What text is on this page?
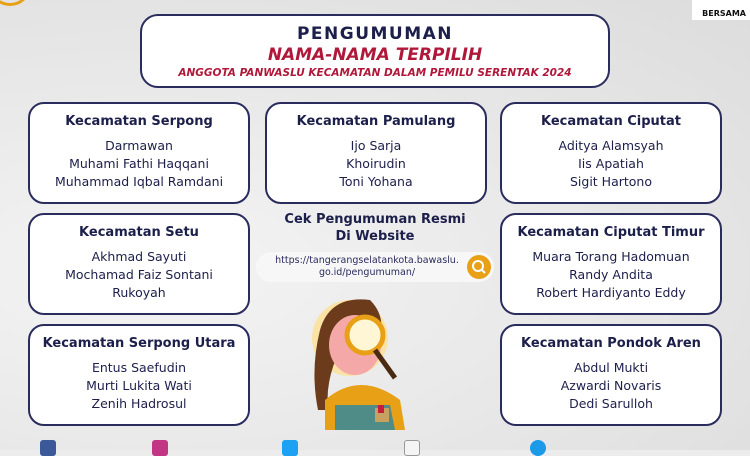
BERSAMA
PENGUMUMAN
NAMA-NAMA TERPILIH
ANGGOTA PANWASLU KECAMATAN DALAM PEMILU SERENTAK 2024
Kecamatan Serpong
Darmawan
Muhami Fathi Haqqani
Muhammad Iqbal Ramdani
Kecamatan Pamulang
Ijo Sarja
Khoirudin
Toni Yohana
Kecamatan Ciputat
Aditya Alamsyah
Iis Apatiah
Sigit Hartono
Kecamatan Setu
Akhmad Sayuti
Mochamad Faiz Sontani
Rukoyah
Kecamatan Ciputat Timur
Muara Torang Hadomuan
Randy Andita
Robert Hardiyanto Eddy
Kecamatan Serpong Utara
Entus Saefudin
Murti Lukita Wati
Zenih Hadrosul
Kecamatan Pondok Aren
Abdul Mukti
Azwardi Novaris
Dedi Sarulloh
Cek Pengumuman Resmi
Di Website
https://tangerangselatankota.bawaslu.
go.id/pengumuman/
